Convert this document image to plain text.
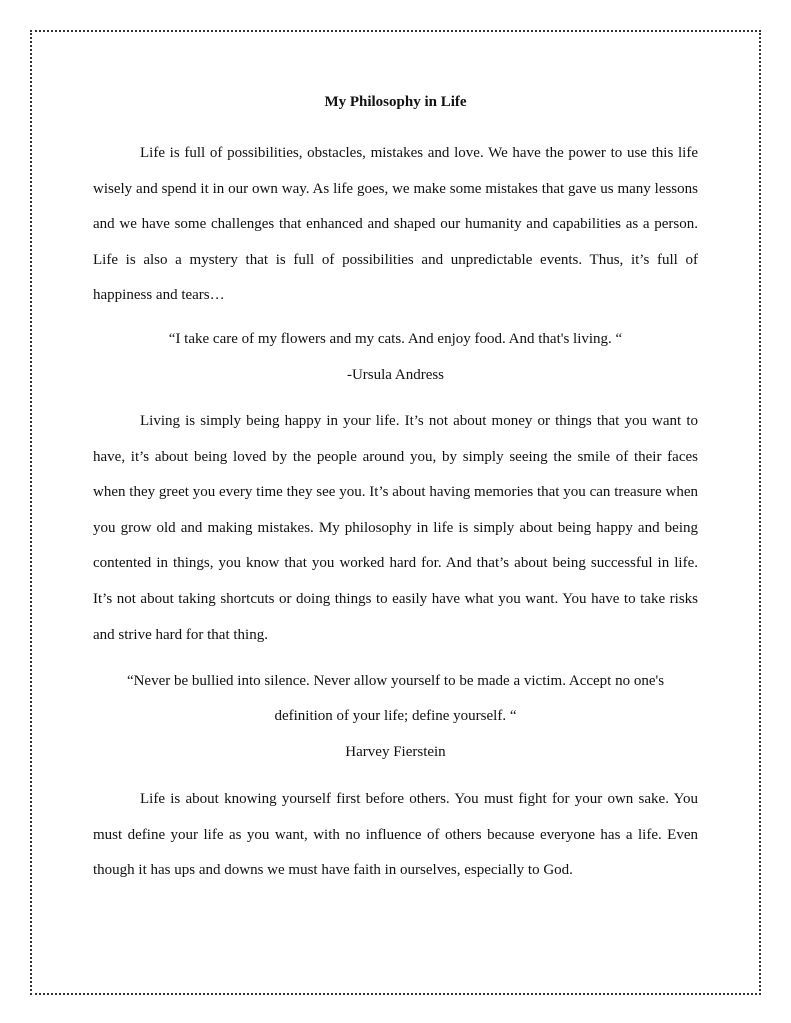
My Philosophy in Life

Life is full of possibilities, obstacles, mistakes and love. We have the power to use this life wisely and spend it in our own way. As life goes, we make some mistakes that gave us many lessons and we have some challenges that enhanced and shaped our humanity and capabilities as a person. Life is also a mystery that is full of possibilities and unpredictable events. Thus, it’s full of happiness and tears…

“I take care of my flowers and my cats. And enjoy food. And that's living. “

-Ursula Andress

Living is simply being happy in your life. It’s not about money or things that you want to have, it’s about being loved by the people around you, by simply seeing the smile of their faces when they greet you every time they see you. It’s about having memories that you can treasure when you grow old and making mistakes. My philosophy in life is simply about being happy and being contented in things, you know that you worked hard for. And that’s about being successful in life. It’s not about taking shortcuts or doing things to easily have what you want. You have to take risks and strive hard for that thing.

“Never be bullied into silence. Never allow yourself to be made a victim. Accept no one's definition of your life; define yourself. “

Harvey Fierstein

Life is about knowing yourself first before others. You must fight for your own sake. You must define your life as you want, with no influence of others because everyone has a life. Even though it has ups and downs we must have faith in ourselves, especially to God.
